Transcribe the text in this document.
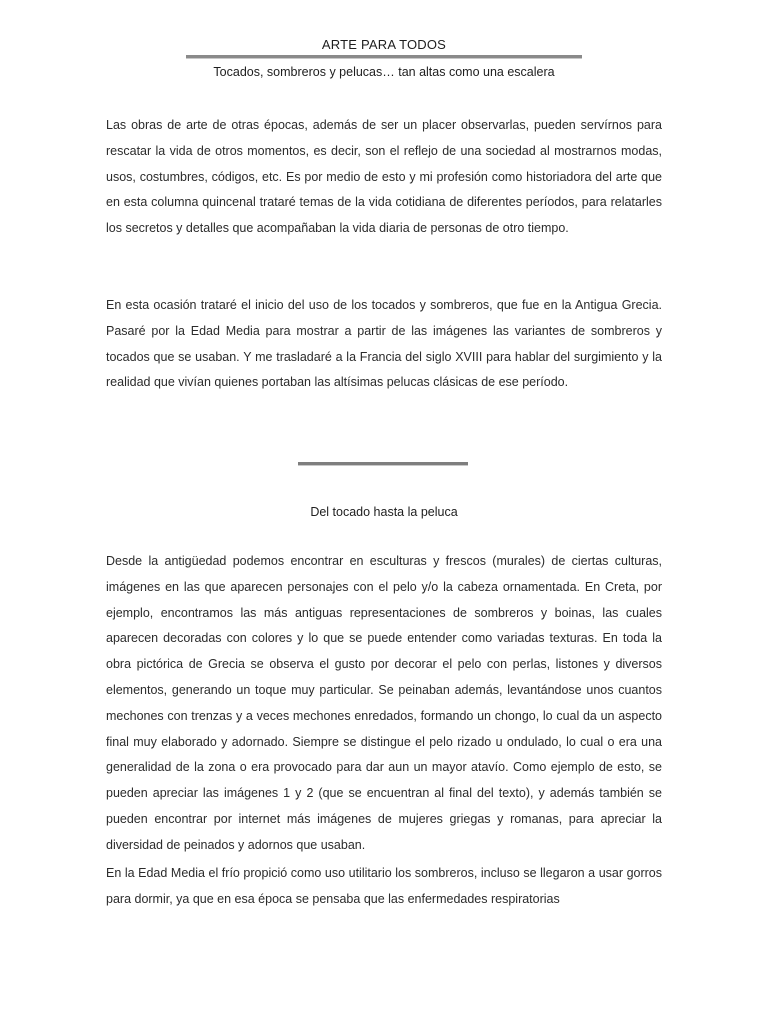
ARTE PARA TODOS
Tocados, sombreros y pelucas… tan altas como una escalera

Las obras de arte de otras épocas, además de ser un placer observarlas, pueden servírnos para rescatar la vida de otros momentos, es decir, son el reflejo de una sociedad al mostrarnos modas, usos, costumbres, códigos, etc. Es por medio de esto y mi profesión como historiadora del arte que en esta columna quincenal trataré temas de la vida cotidiana de diferentes períodos, para relatarles los secretos y detalles que acompañaban la vida diaria de personas de otro tiempo.

En esta ocasión trataré el inicio del uso de los tocados y sombreros, que fue en la Antigua Grecia. Pasaré por la Edad Media para mostrar a partir de las imágenes las variantes de sombreros y tocados que se usaban. Y me trasladaré a la Francia del siglo XVIII para hablar del surgimiento y la realidad que vivían quienes portaban las altísimas pelucas clásicas de ese período.

Del tocado hasta la peluca

Desde la antigüedad podemos encontrar en esculturas y frescos (murales) de ciertas culturas, imágenes en las que aparecen personajes con el pelo y/o la cabeza ornamentada. En Creta, por ejemplo, encontramos las más antiguas representaciones de sombreros y boinas, las cuales aparecen decoradas con colores y lo que se puede entender como variadas texturas. En toda la obra pictórica de Grecia se observa el gusto por decorar el pelo con perlas, listones y diversos elementos, generando un toque muy particular. Se peinaban además, levantándose unos cuantos mechones con trenzas y a veces mechones enredados, formando un chongo, lo cual da un aspecto final muy elaborado y adornado. Siempre se distingue el pelo rizado u ondulado, lo cual o era una generalidad de la zona o era provocado para dar aun un mayor atavío. Como ejemplo de esto, se pueden apreciar las imágenes 1 y 2 (que se encuentran al final del texto), y además también se pueden encontrar por internet más imágenes de mujeres griegas y romanas, para apreciar la diversidad de peinados y adornos que usaban.

En la Edad Media el frío propició como uso utilitario los sombreros, incluso se llegaron a usar gorros para dormir, ya que en esa época se pensaba que las enfermedades respiratorias
